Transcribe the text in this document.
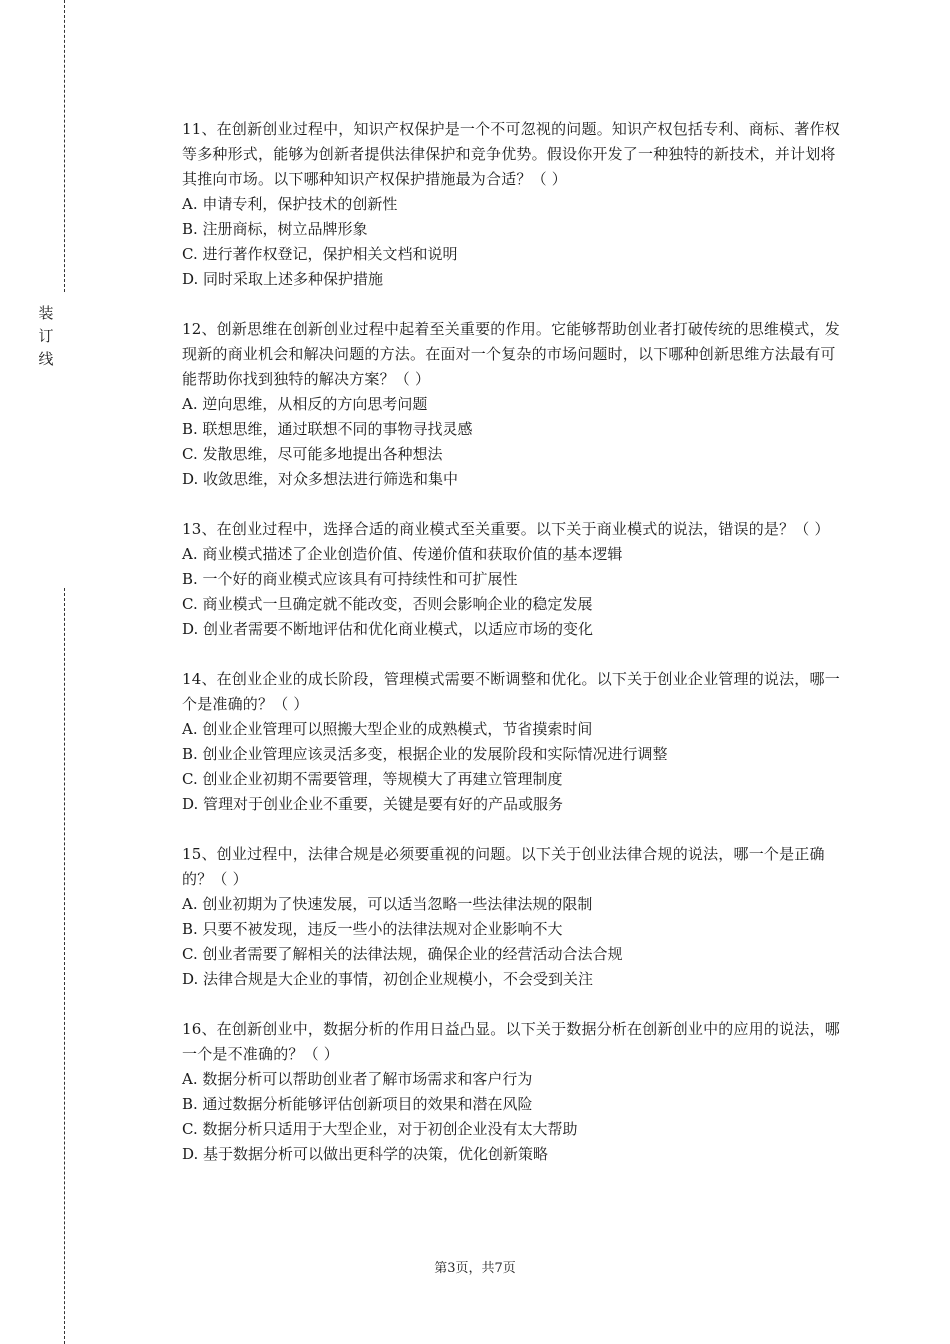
装
订
线

11、在创新创业过程中，知识产权保护是一个不可忽视的问题。知识产权包括专利、商标、著作权等多种形式，能够为创新者提供法律保护和竞争优势。假设你开发了一种独特的新技术，并计划将其推向市场。以下哪种知识产权保护措施最为合适？（ ）

A. 申请专利，保护技术的创新性

B. 注册商标，树立品牌形象

C. 进行著作权登记，保护相关文档和说明

D. 同时采取上述多种保护措施

12、创新思维在创新创业过程中起着至关重要的作用。它能够帮助创业者打破传统的思维模式，发现新的商业机会和解决问题的方法。在面对一个复杂的市场问题时，以下哪种创新思维方法最有可能帮助你找到独特的解决方案？（ ）

A. 逆向思维，从相反的方向思考问题

B. 联想思维，通过联想不同的事物寻找灵感

C. 发散思维，尽可能多地提出各种想法

D. 收敛思维，对众多想法进行筛选和集中

13、在创业过程中，选择合适的商业模式至关重要。以下关于商业模式的说法，错误的是？（ ）

A. 商业模式描述了企业创造价值、传递价值和获取价值的基本逻辑

B. 一个好的商业模式应该具有可持续性和可扩展性

C. 商业模式一旦确定就不能改变，否则会影响企业的稳定发展

D. 创业者需要不断地评估和优化商业模式，以适应市场的变化

14、在创业企业的成长阶段，管理模式需要不断调整和优化。以下关于创业企业管理的说法，哪一个是准确的？（ ）

A. 创业企业管理可以照搬大型企业的成熟模式，节省摸索时间

B. 创业企业管理应该灵活多变，根据企业的发展阶段和实际情况进行调整

C. 创业企业初期不需要管理，等规模大了再建立管理制度

D. 管理对于创业企业不重要，关键是要有好的产品或服务

15、创业过程中，法律合规是必须要重视的问题。以下关于创业法律合规的说法，哪一个是正确的？（ ）

A. 创业初期为了快速发展，可以适当忽略一些法律法规的限制

B. 只要不被发现，违反一些小的法律法规对企业影响不大

C. 创业者需要了解相关的法律法规，确保企业的经营活动合法合规

D. 法律合规是大企业的事情，初创企业规模小，不会受到关注

16、在创新创业中，数据分析的作用日益凸显。以下关于数据分析在创新创业中的应用的说法，哪一个是不准确的？（ ）

A. 数据分析可以帮助创业者了解市场需求和客户行为

B. 通过数据分析能够评估创新项目的效果和潜在风险

C. 数据分析只适用于大型企业，对于初创企业没有太大帮助

D. 基于数据分析可以做出更科学的决策，优化创新策略

第3页，共7页
